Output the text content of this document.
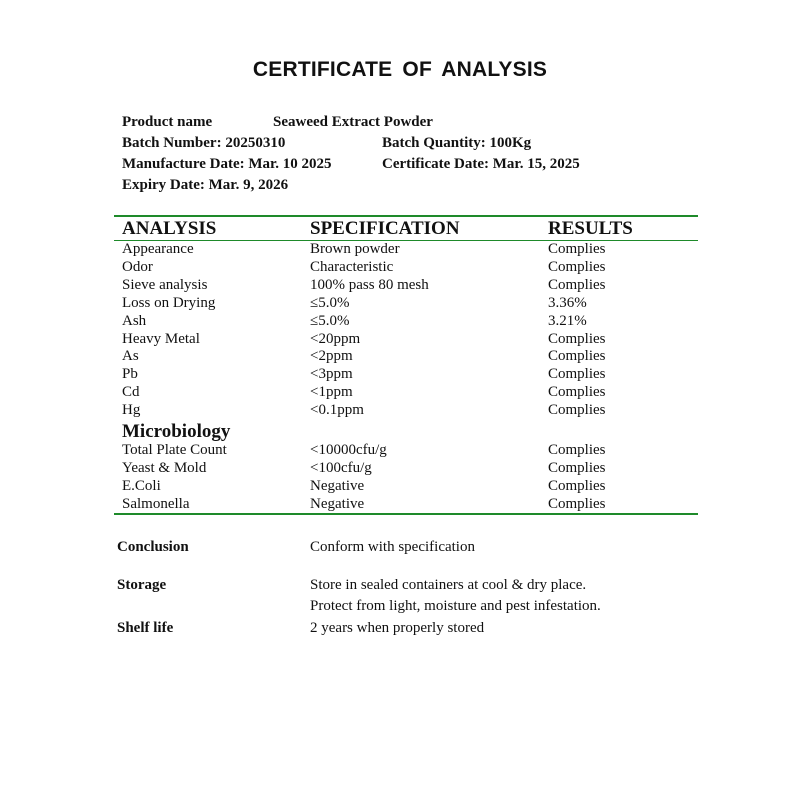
CERTIFICATE OF ANALYSIS
Product name	Seaweed Extract Powder
Batch Number: 20250310	Batch Quantity: 100Kg
Manufacture Date: Mar. 10 2025	Certificate Date: Mar. 15, 2025
Expiry Date: Mar. 9, 2026
ANALYSIS	SPECIFICATION	RESULTS
Appearance	Brown powder	Complies
Odor	Characteristic	Complies
Sieve analysis	100% pass 80 mesh	Complies
Loss on Drying	≤5.0%	3.36%
Ash	≤5.0%	3.21%
Heavy Metal	<20ppm	Complies
As	<2ppm	Complies
Pb	<3ppm	Complies
Cd	<1ppm	Complies
Hg	<0.1ppm	Complies
Microbiology
Total Plate Count	<10000cfu/g	Complies
Yeast & Mold	<100cfu/g	Complies
E.Coli	Negative	Complies
Salmonella	Negative	Complies
Conclusion	Conform with specification
Storage	Store in sealed containers at cool & dry place.
Protect from light, moisture and pest infestation.
Shelf life	2 years when properly stored
